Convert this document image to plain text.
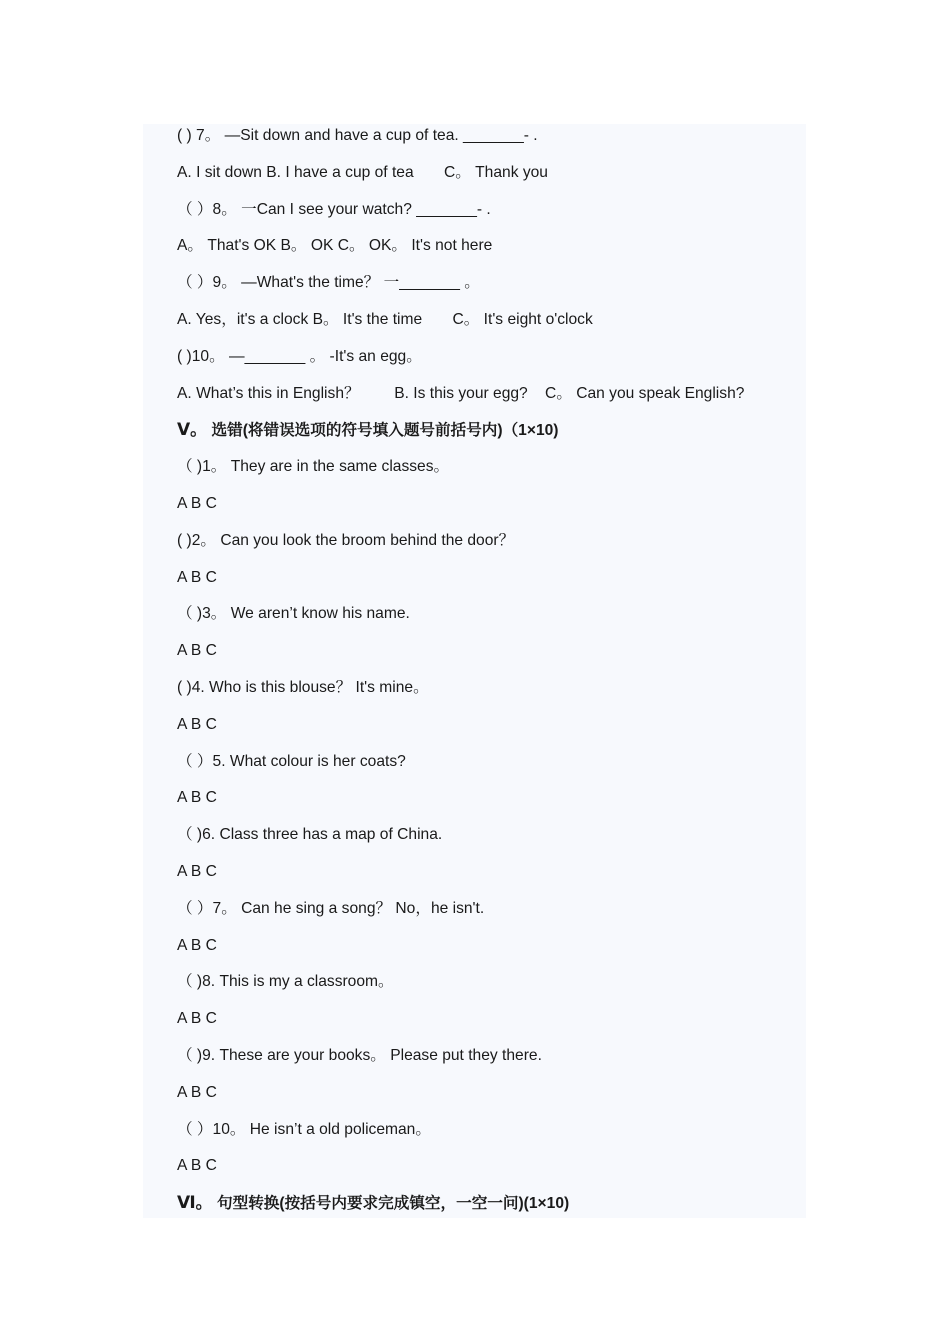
( ) 7。 —Sit down and have a cup of tea. _______- .
A. I sit down B. I have a cup of tea       C。 Thank you
（ ）8。 一Can I see your watch? _______- .
A。 That's OK B。 OK C。 OK。 It's not here
（ ）9。 —What's the time？ 一_______ 。
A. Yes，it's a clock B。 It's the time       C。 It's eight o'clock
( )10。 —_______ 。 -It's an egg。
A. What’s this in English？        B. Is this your egg?    C。 Can you speak English?
Ⅴ。 选错(将错误选项的符号填入题号前括号内)（1×10)
（ )1。 They are in the same classes。
A B C
( )2。 Can you look the broom behind the door？
A B C
（ )3。 We aren’t know his name.
A B C
( )4. Who is this blouse？ It's mine。
A B C
（ ）5. What colour is her coats?
A B C
（ )6. Class three has a map of China.
A B C
（ ）7。 Can he sing a song？ No，he isn't.
A B C
（ )8. This is my a classroom。
A B C
（ )9. These are your books。 Please put they there.
A B C
（ ）10。 He isn’t a old policeman。
A B C
Ⅵ。 句型转换(按括号内要求完成镇空，一空一问)(1×10)
